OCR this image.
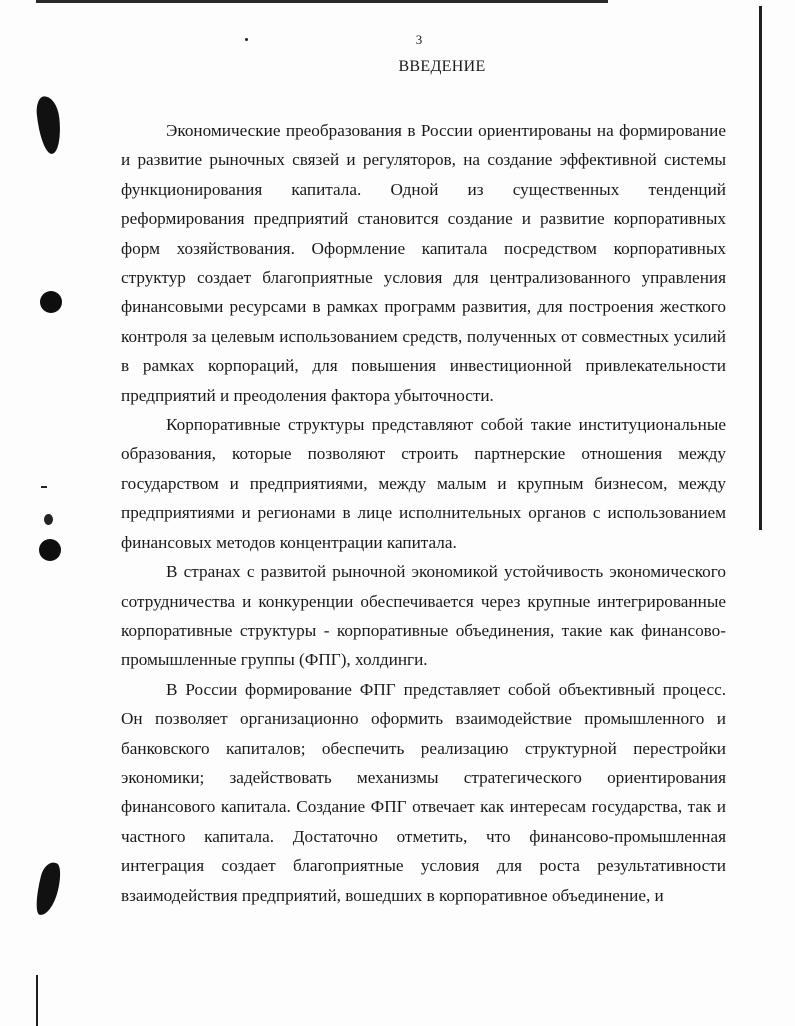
3
ВВЕДЕНИЕ

Экономические преобразования в России ориентированы на формирование и развитие рыночных связей и регуляторов, на создание эффективной системы функционирования капитала. Одной из существенных тенденций реформирования предприятий становится создание и развитие корпоративных форм хозяйствования. Оформление капитала посредством корпоративных структур создает благоприятные условия для централизованного управления финансовыми ресурсами в рамках программ развития, для построения жесткого контроля за целевым использованием средств, полученных от совместных усилий в рамках корпораций, для повышения инвестиционной привлекательности предприятий и преодоления фактора убыточности.

Корпоративные структуры представляют собой такие институциональные образования, которые позволяют строить партнерские отношения между государством и предприятиями, между малым и крупным бизнесом, между предприятиями и регионами в лице исполнительных органов с использованием финансовых методов концентрации капитала.

В странах с развитой рыночной экономикой устойчивость экономического сотрудничества и конкуренции обеспечивается через крупные интегрированные корпоративные структуры - корпоративные объединения, такие как финансово-промышленные группы (ФПГ), холдинги.

В России формирование ФПГ представляет собой объективный процесс. Он позволяет организационно оформить взаимодействие промышленного и банковского капиталов; обеспечить реализацию структурной перестройки экономики; задействовать механизмы стратегического ориентирования финансового капитала. Создание ФПГ отвечает как интересам государства, так и частного капитала. Достаточно отметить, что финансово-промышленная интеграция создает благоприятные условия для роста результативности взаимодействия предприятий, вошедших в корпоративное объединение, и
